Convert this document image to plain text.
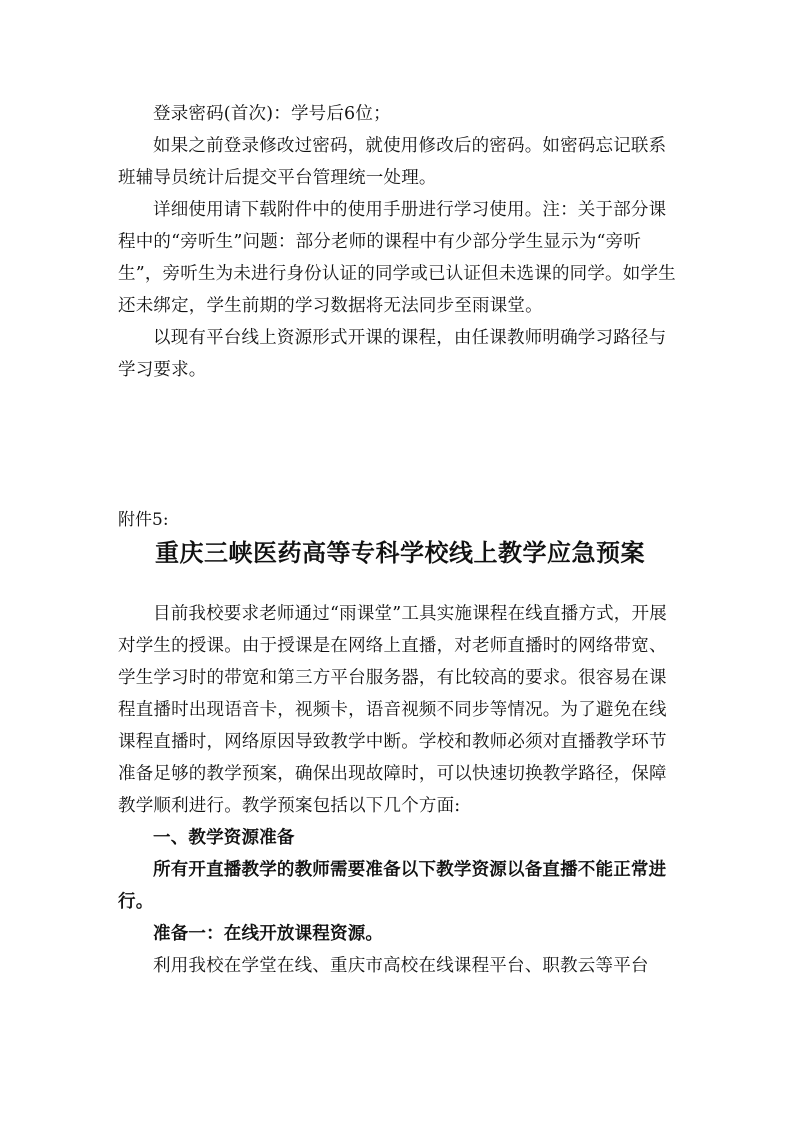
登录密码(首次)：学号后6位；

如果之前登录修改过密码，就使用修改后的密码。如密码忘记联系班辅导员统计后提交平台管理统一处理。

详细使用请下载附件中的使用手册进行学习使用。注：关于部分课程中的“旁听生”问题：部分老师的课程中有少部分学生显示为“旁听生”，旁听生为未进行身份认证的同学或已认证但未选课的同学。如学生还未绑定，学生前期的学习数据将无法同步至雨课堂。

以现有平台线上资源形式开课的课程，由任课教师明确学习路径与学习要求。

附件5:
重庆三峡医药高等专科学校线上教学应急预案

目前我校要求老师通过“雨课堂”工具实施课程在线直播方式，开展对学生的授课。由于授课是在网络上直播，对老师直播时的网络带宽、学生学习时的带宽和第三方平台服务器，有比较高的要求。很容易在课程直播时出现语音卡，视频卡，语音视频不同步等情况。为了避免在线课程直播时，网络原因导致教学中断。学校和教师必须对直播教学环节准备足够的教学预案，确保出现故障时，可以快速切换教学路径，保障教学顺利进行。教学预案包括以下几个方面:

一、教学资源准备

所有开直播教学的教师需要准备以下教学资源以备直播不能正常进行。

准备一：在线开放课程资源。

利用我校在学堂在线、重庆市高校在线课程平台、职教云等平台
